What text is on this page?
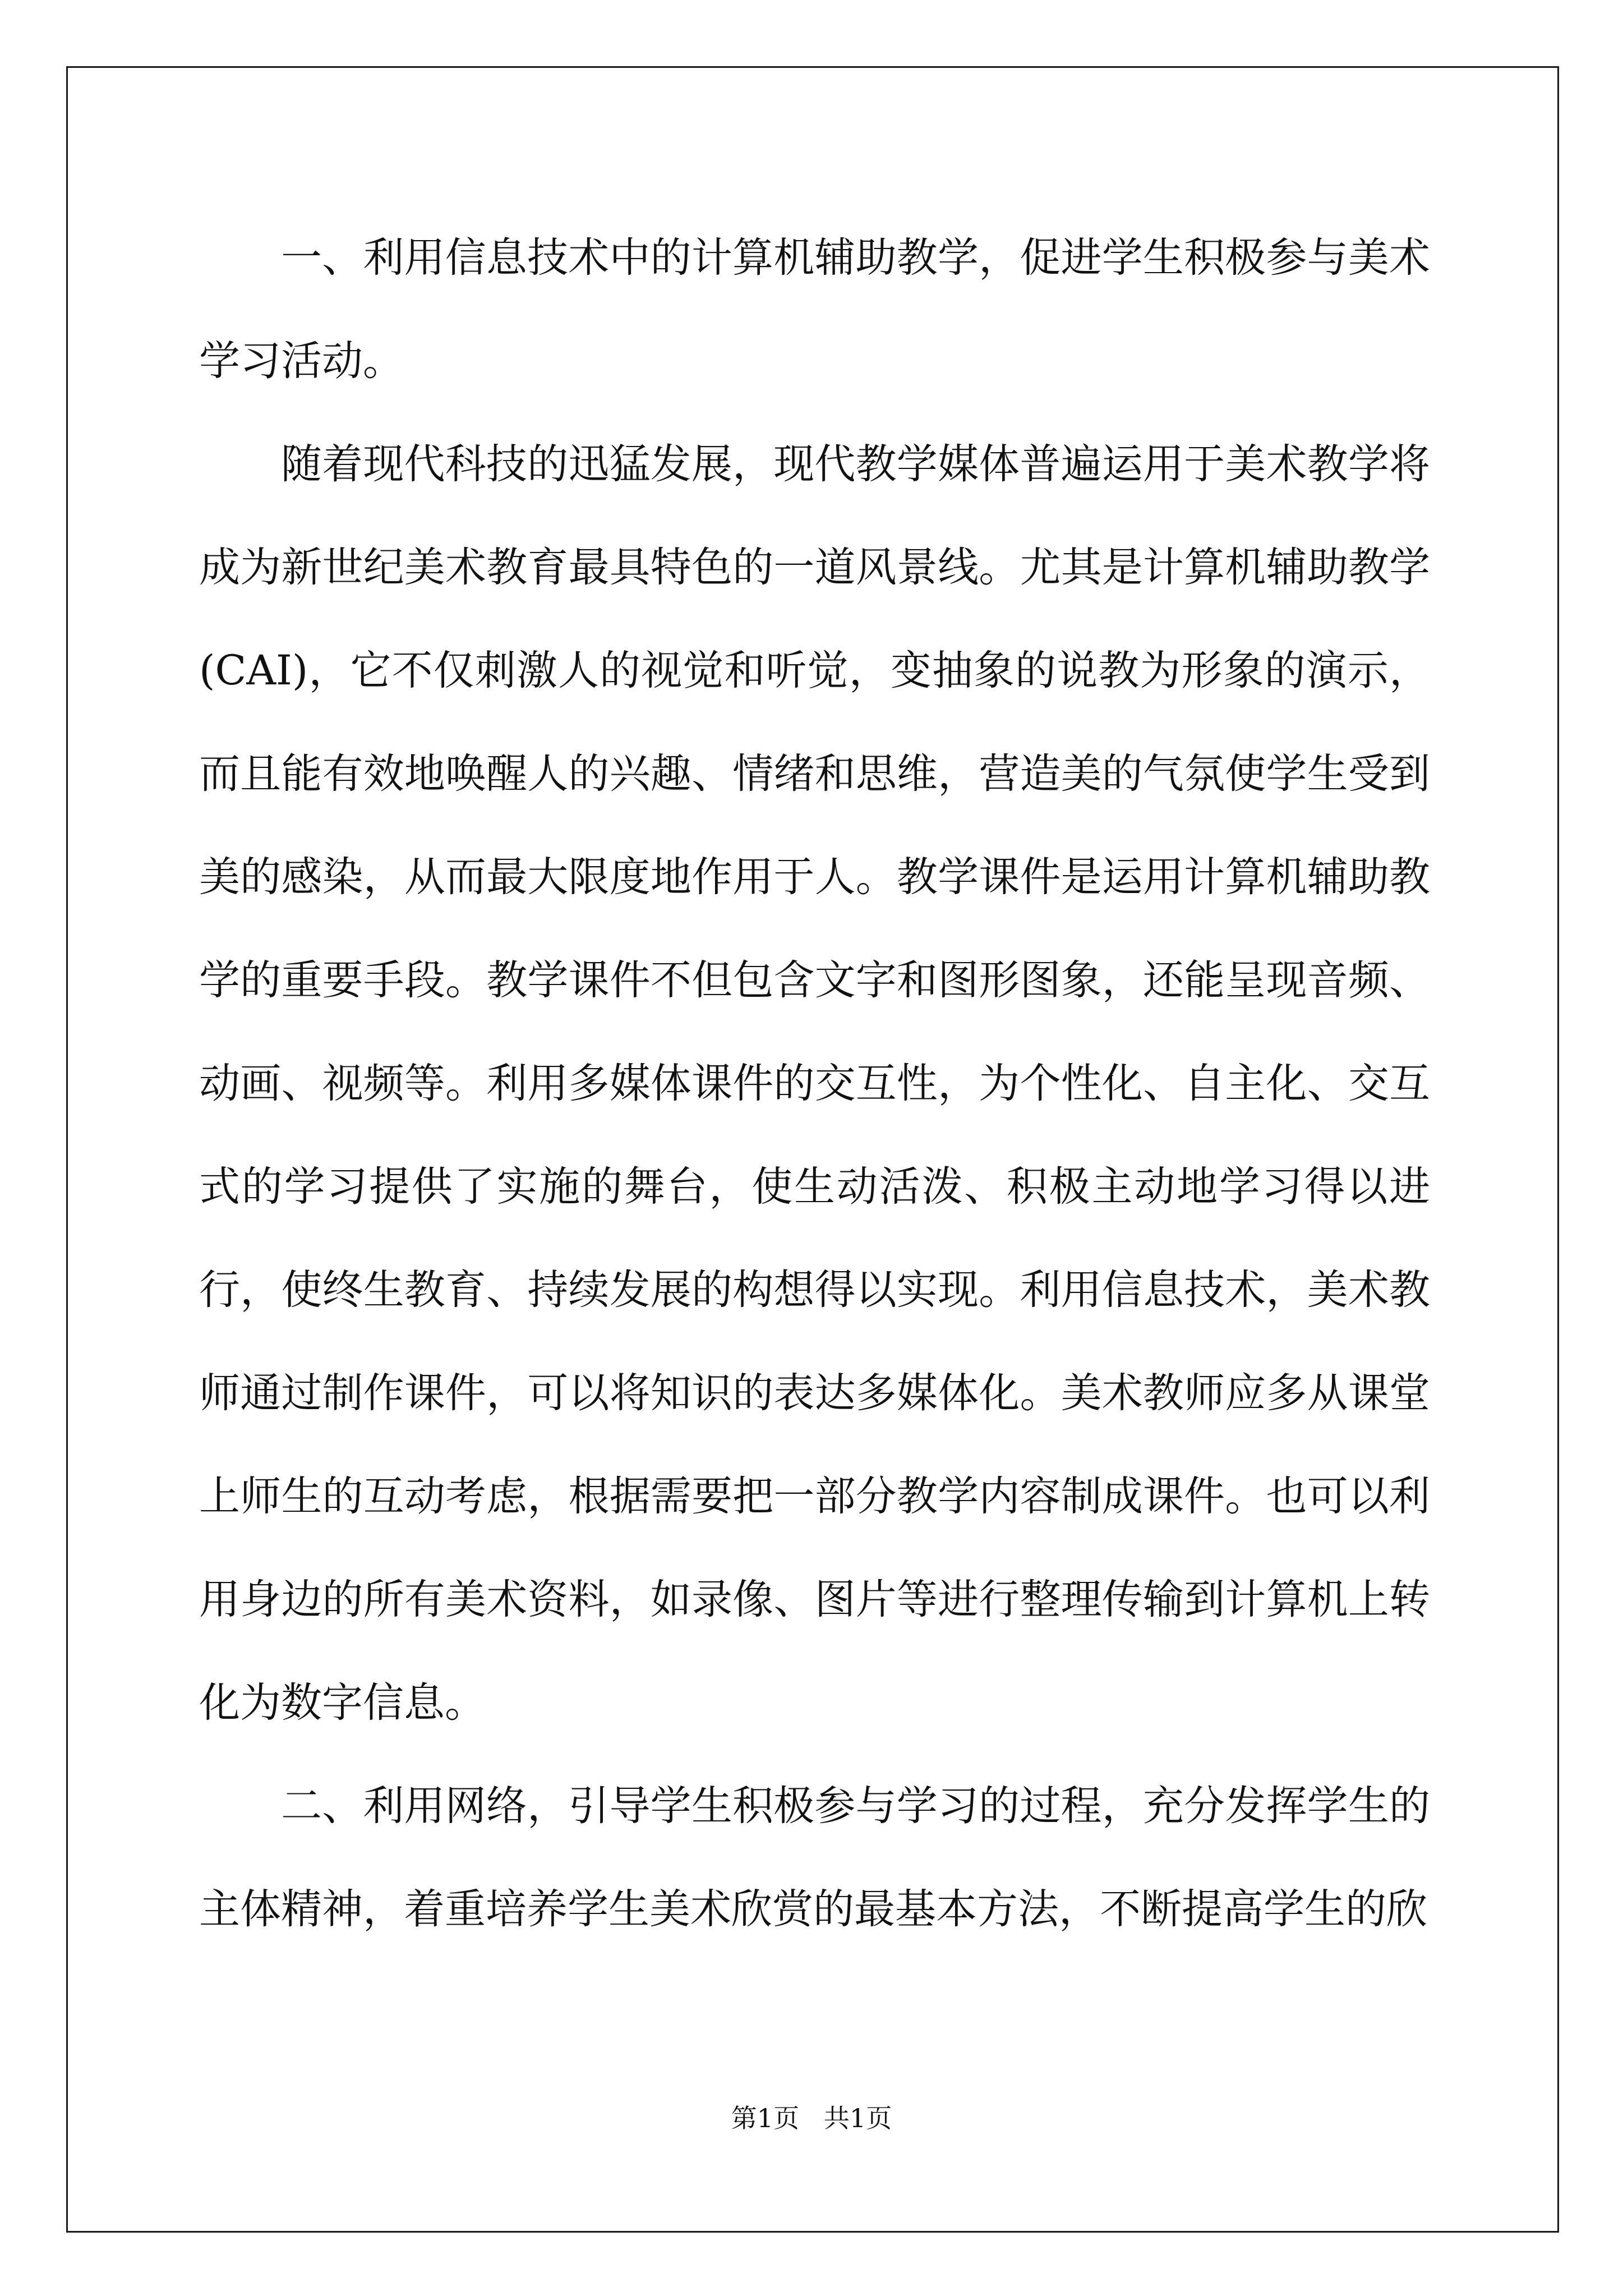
一、利用信息技术中的计算机辅助教学，促进学生积极参与美术学习活动。

随着现代科技的迅猛发展，现代教学媒体普遍运用于美术教学将成为新世纪美术教育最具特色的一道风景线。尤其是计算机辅助教学(CAI)，它不仅刺激人的视觉和听觉，变抽象的说教为形象的演示，而且能有效地唤醒人的兴趣、情绪和思维，营造美的气氛使学生受到美的感染，从而最大限度地作用于人。教学课件是运用计算机辅助教学的重要手段。教学课件不但包含文字和图形图象，还能呈现音频、动画、视频等。利用多媒体课件的交互性，为个性化、自主化、交互式的学习提供了实施的舞台，使生动活泼、积极主动地学习得以进行，使终生教育、持续发展的构想得以实现。利用信息技术，美术教师通过制作课件，可以将知识的表达多媒体化。美术教师应多从课堂上师生的互动考虑，根据需要把一部分教学内容制成课件。也可以利用身边的所有美术资料，如录像、图片等进行整理传输到计算机上转化为数字信息。

二、利用网络，引导学生积极参与学习的过程，充分发挥学生的主体精神，着重培养学生美术欣赏的最基本方法，不断提高学生的欣

第1页   共1页
